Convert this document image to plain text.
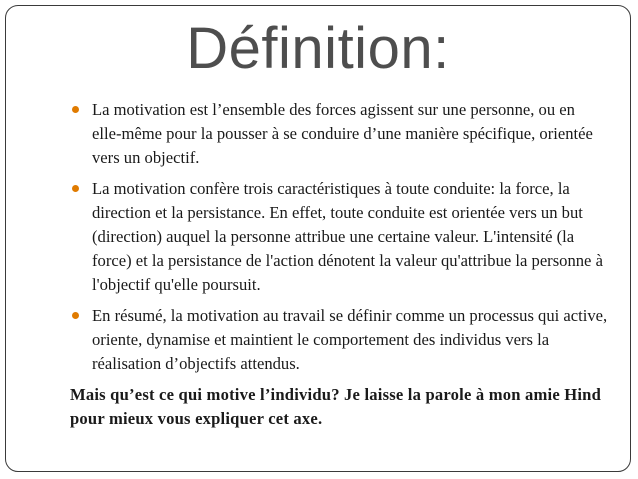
Définition:
La motivation est l’ensemble des forces agissent sur une personne, ou en elle-même pour la pousser à se conduire d’une manière spécifique, orientée vers un objectif.
La motivation confère trois caractéristiques à toute conduite: la force, la direction et la persistance. En effet, toute conduite est orientée vers un but (direction) auquel la personne attribue une certaine valeur. L'intensité (la force) et la persistance de l'action dénotent la valeur qu'attribue la personne à l'objectif qu'elle poursuit.
En résumé, la motivation au travail se définir comme un processus qui active, oriente, dynamise et maintient le comportement des individus vers la réalisation d’objectifs attendus.
Mais qu’est ce qui motive l’individu? Je laisse la parole à mon amie Hind pour mieux vous expliquer cet axe.
